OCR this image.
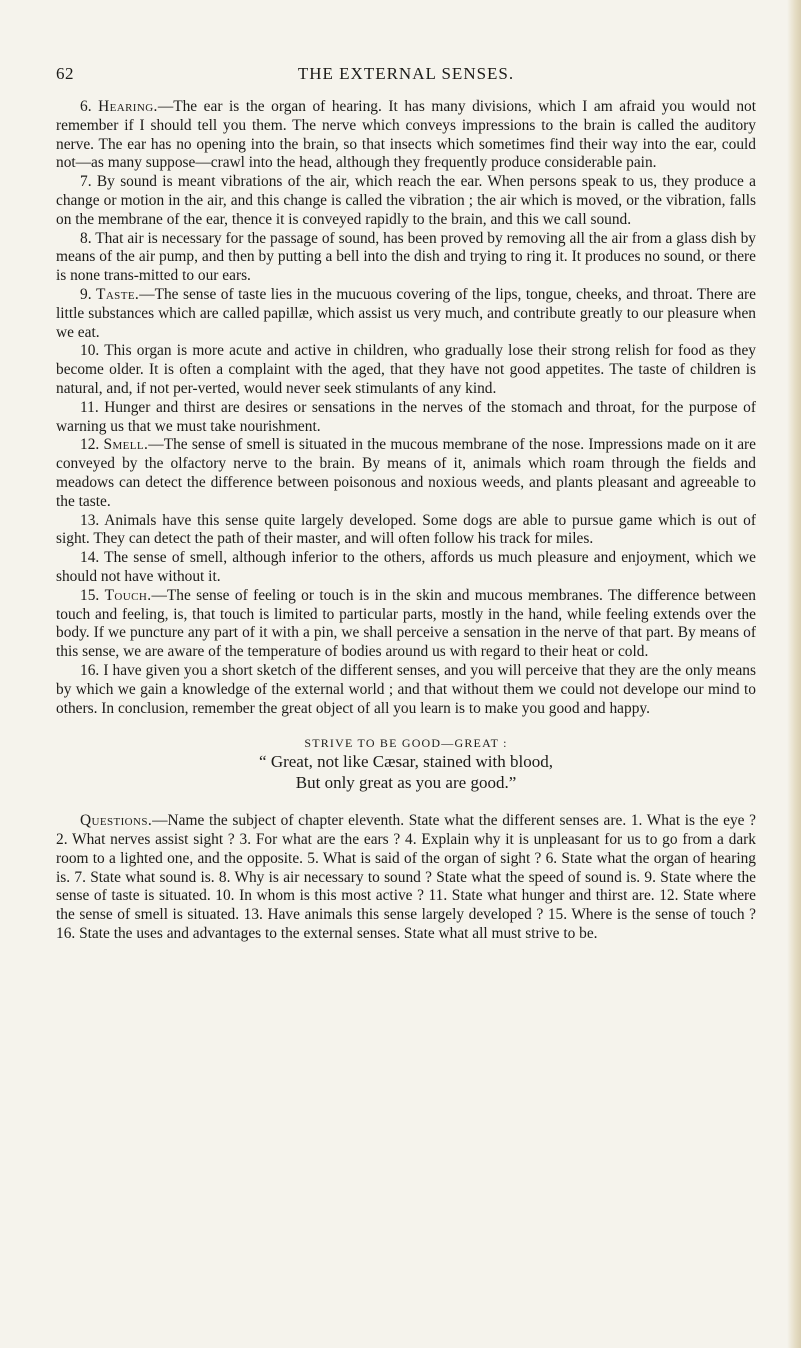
62	THE EXTERNAL SENSES.

6. Hearing.—The ear is the organ of hearing. It has many divisions, which I am afraid you would not remember if I should tell you them. The nerve which conveys impressions to the brain is called the auditory nerve. The ear has no opening into the brain, so that insects which sometimes find their way into the ear, could not—as many suppose—crawl into the head, although they frequently produce considerable pain.

7. By sound is meant vibrations of the air, which reach the ear. When persons speak to us, they produce a change or motion in the air, and this change is called the vibration ; the air which is moved, or the vibration, falls on the membrane of the ear, thence it is conveyed rapidly to the brain, and this we call sound.

8. That air is necessary for the passage of sound, has been proved by removing all the air from a glass dish by means of the air pump, and then by putting a bell into the dish and trying to ring it. It produces no sound, or there is none trans-mitted to our ears.

9. Taste.—The sense of taste lies in the mucuous covering of the lips, tongue, cheeks, and throat. There are little substances which are called papillæ, which assist us very much, and contribute greatly to our pleasure when we eat.

10. This organ is more acute and active in children, who gradually lose their strong relish for food as they become older. It is often a complaint with the aged, that they have not good appetites. The taste of children is natural, and, if not per-verted, would never seek stimulants of any kind.

11. Hunger and thirst are desires or sensations in the nerves of the stomach and throat, for the purpose of warning us that we must take nourishment.

12. Smell.—The sense of smell is situated in the mucous membrane of the nose. Impressions made on it are conveyed by the olfactory nerve to the brain. By means of it, animals which roam through the fields and meadows can detect the difference between poisonous and noxious weeds, and plants pleasant and agreeable to the taste.

13. Animals have this sense quite largely developed. Some dogs are able to pursue game which is out of sight. They can detect the path of their master, and will often follow his track for miles.

14. The sense of smell, although inferior to the others, affords us much pleasure and enjoyment, which we should not have without it.

15. Touch.—The sense of feeling or touch is in the skin and mucous membranes. The difference between touch and feeling, is, that touch is limited to particular parts, mostly in the hand, while feeling extends over the body. If we puncture any part of it with a pin, we shall perceive a sensation in the nerve of that part. By means of this sense, we are aware of the temperature of bodies around us with regard to their heat or cold.

16. I have given you a short sketch of the different senses, and you will perceive that they are the only means by which we gain a knowledge of the external world ; and that without them we could not develope our mind to others. In conclusion, remember the great object of all you learn is to make you good and happy.

STRIVE TO BE GOOD—GREAT :
“ Great, not like Cæsar, stained with blood,
But only great as you are good.”

Questions.—Name the subject of chapter eleventh. State what the different senses are. 1. What is the eye ? 2. What nerves assist sight ? 3. For what are the ears ? 4. Explain why it is unpleasant for us to go from a dark room to a lighted one, and the opposite. 5. What is said of the organ of sight ? 6. State what the organ of hearing is. 7. State what sound is. 8. Why is air necessary to sound ? State what the speed of sound is. 9. State where the sense of taste is situated. 10. In whom is this most active ? 11. State what hunger and thirst are. 12. State where the sense of smell is situated. 13. Have animals this sense largely developed ? 15. Where is the sense of touch ? 16. State the uses and advantages to the external senses. State what all must strive to be.
